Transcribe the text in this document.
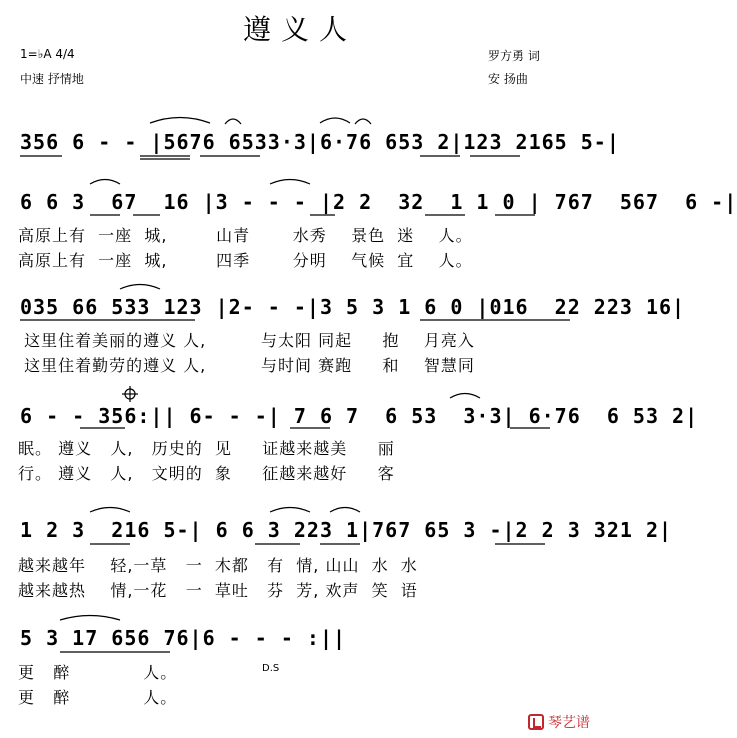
遵义人
1=♭A 4/4
中速 抒情地
罗方勇 词
安 扬曲
356 6 - - |5676 6533·3|6·76 653 2|123 2165 5-|
6 6 3  67  16 |3 - - - |2 2  32  1 1 0 | 767  567  6 -|
高原上有  一座  城,        山青       水秀    景色  迷    人。
高原上有  一座  城,        四季       分明    气候  宜    人。
035 66 533 123 |2- - -|3 5 3 1 6 0 |016  22 223 16|
这里住着美丽的遵义 人,         与太阳 同起     抱    月亮入
这里住着勤劳的遵义 人,         与时间 赛跑     和    智慧同
6 - - 356:|| 6- - -| 7 6 7  6 53  3·3| 6·76  6 53 2|
眠。 遵义   人,   历史的  见     证越来越美     丽
行。 遵义   人,   文明的  象     征越来越好     客
1 2 3  216 5-| 6 6 3 223 1|767 65 3 -|2 2 3 321 2|
越来越年    轻,一草   一  木都   有  情, 山山  水  水
越来越热    情,一花   一  草吐   芬  芳, 欢声  笑  语
5 3 17 656 76|6 - - - :||
更   醉            人。
更   醉            人。
D.S
琴艺谱
